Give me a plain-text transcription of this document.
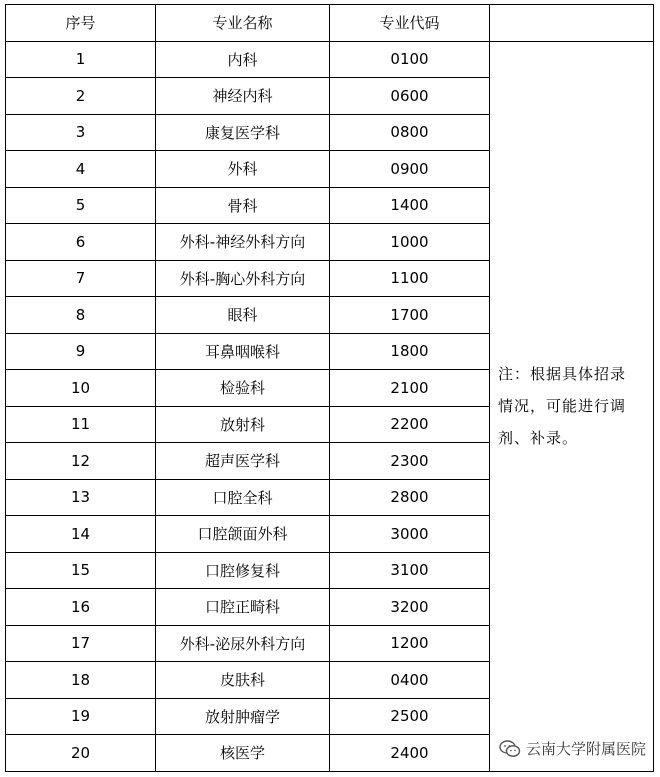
序号	专业名称	专业代码	
1	内科	0100	注：根据具体招录
情况，可能进行调
剂、补录。

2	神经内科	0600	
3	康复医学科	0800	
4	外科	0900	
5	骨科	1400	
6	外科-神经外科方向	1000	
7	外科-胸心外科方向	1100	
8	眼科	1700	
9	耳鼻咽喉科	1800	
10	检验科	2100	
11	放射科	2200	
12	超声医学科	2300	
13	口腔全科	2800	
14	口腔颌面外科	3000	
15	口腔修复科	3100	
16	口腔正畸科	3200	
17	外科-泌尿外科方向	1200	
18	皮肤科	0400	
19	放射肿瘤学	2500	
20	核医学	2400		云南大学附属医院
